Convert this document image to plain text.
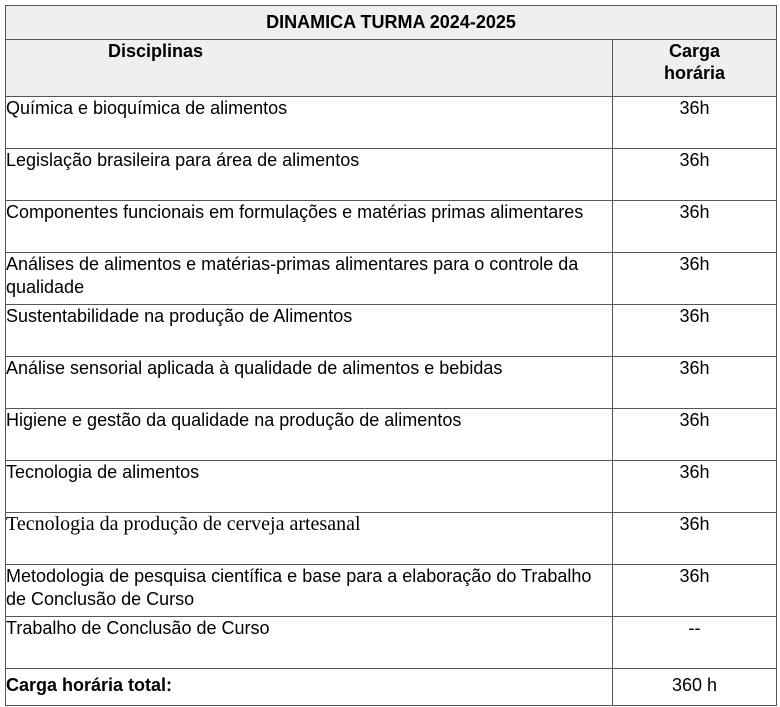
DINAMICA TURMA 2024-2025	
Disciplinas	Carga
horária
Química e bioquímica de alimentos	36h
Legislação brasileira para área de alimentos	36h
Componentes funcionais em formulações e matérias primas alimentares	36h
Análises de alimentos e matérias-primas alimentares para o controle da qualidade	36h
Sustentabilidade na produção de Alimentos	36h
Análise sensorial aplicada à qualidade de alimentos e bebidas	36h
Higiene e gestão da qualidade na produção de alimentos	36h
Tecnologia de alimentos	36h
Tecnologia da produção de cerveja artesanal	36h
Metodologia de pesquisa científica e base para a elaboração do Trabalho de Conclusão de Curso	36h
Trabalho de Conclusão de Curso	--
Carga horária total:	360 h
